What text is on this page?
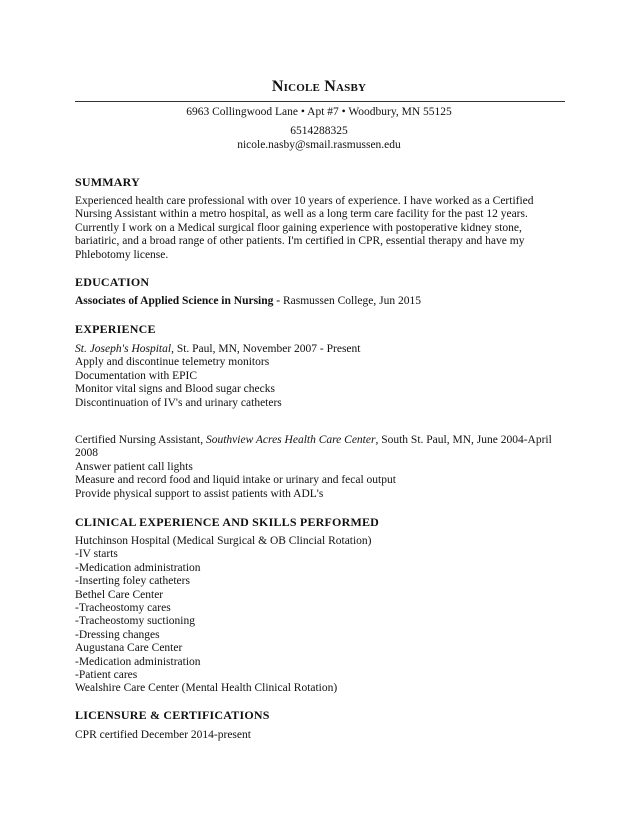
Nicole Nasby
6963 Collingwood Lane • Apt #7 • Woodbury, MN 55125
6514288325
nicole.nasby@smail.rasmussen.edu
SUMMARY
Experienced health care professional with over 10 years of experience. I have worked as a Certified
Nursing Assistant within a metro hospital, as well as a long term care facility for the past 12 years.
Currently I work on a Medical surgical floor gaining experience with postoperative kidney stone,
bariatiric, and a broad range of other patients. I'm certified in CPR, essential therapy and have my
Phlebotomy license.
EDUCATION
Associates of Applied Science in Nursing - Rasmussen College, Jun 2015
EXPERIENCE
St. Joseph's Hospital, St. Paul, MN, November 2007 - Present
Apply and discontinue telemetry monitors
Documentation with EPIC
Monitor vital signs and Blood sugar checks
Discontinuation of IV's and urinary catheters
Certified Nursing Assistant, Southview Acres Health Care Center, South St. Paul, MN, June 2004-April 2008
Answer patient call lights
Measure and record food and liquid intake or urinary and fecal output
Provide physical support to assist patients with ADL's
CLINICAL EXPERIENCE AND SKILLS PERFORMED
Hutchinson Hospital (Medical Surgical & OB Clincial Rotation)
-IV starts
-Medication administration
-Inserting foley catheters
Bethel Care Center
-Tracheostomy cares
-Tracheostomy suctioning
-Dressing changes
Augustana Care Center
-Medication administration
-Patient cares
Wealshire Care Center (Mental Health Clinical Rotation)
LICENSURE & CERTIFICATIONS
CPR certified December 2014-present
